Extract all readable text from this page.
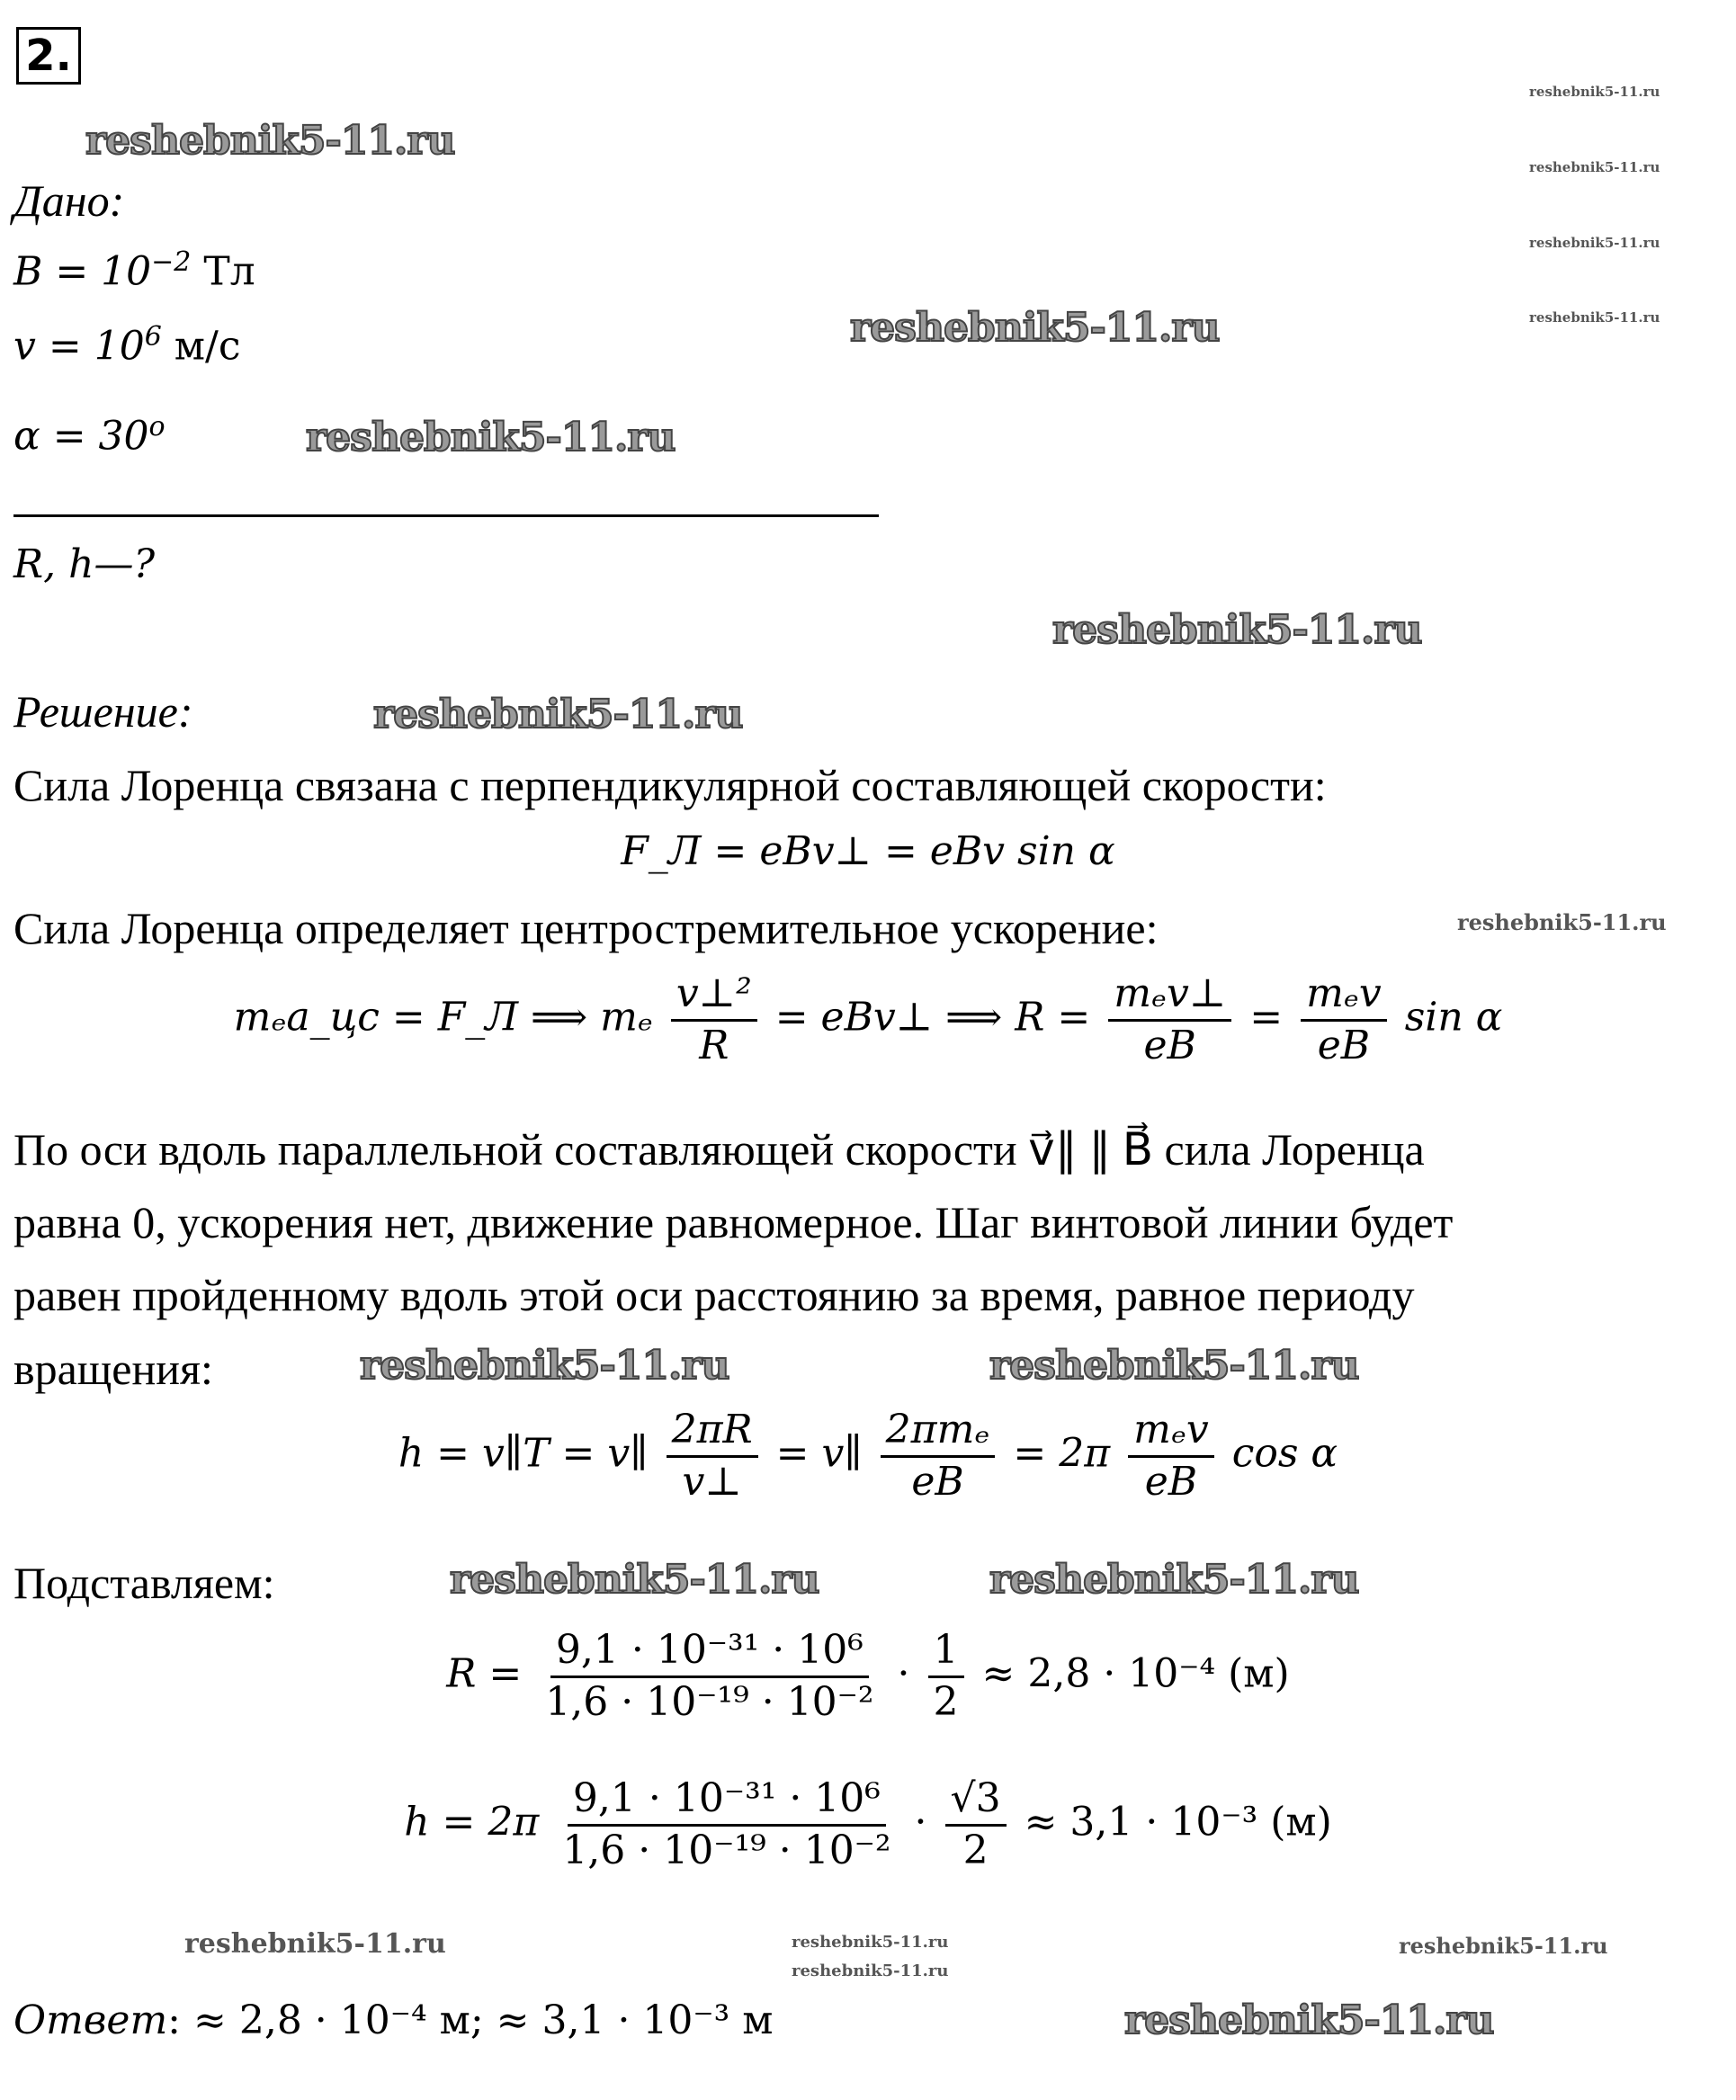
2.
Дано:
$B = 10^{-2}$ Тл
$v = 10^6$ м/с
$\alpha = 30^o$
R, h—?
Решение:
Сила Лоренца связана с перпендикулярной составляющей скорости:
F_Л = eBv⊥ = eBv sin α
Сила Лоренца определяет центростремительное ускорение:
mₑa_цс = F_Л ⟹ mₑ $\frac{\text{v⊥²}}{R}$ = eBv⊥ ⟹ $R = \frac{\text{mₑv⊥}}{eB} = \frac{\text{mₑv}}{eB}$ sin α
По оси вдоль параллельной составляющей скорости v⃗∥ ∥ B⃗ сила Лоренца
равна 0, ускорения нет, движение равномерное. Шаг винтовой линии будет
равен пройденному вдоль этой оси расстоянию за время, равное периоду
вращения:
h = v∥T = v∥ $\frac{2\pi R}{v\perp}$ = v∥ $\frac{\text{2πmₑ}}{eB} = 2\pi \frac{\text{mₑv}}{eB}$ cos α
Подставляем:
$R = \frac{\text{9,1 · 10⁻³¹ · 10⁶}}{\text{1,6 · 10⁻¹⁹ · 10⁻²}} \cdot \frac{1}{2} \approx 2,8 \cdot 10^{-4}$ (м)
$h = 2\pi \frac{\text{9,1 · 10⁻³¹ · 10⁶}}{\text{1,6 · 10⁻¹⁹ · 10⁻²}} \cdot \frac{√3}{2} \approx 3,1 \cdot 10^{-3}$ (м)
Ответ: ≈ 2,8 · 10⁻⁴ м; ≈ 3,1 · 10⁻³ м
reshebnik5-11.ru
reshebnik5-11.ru
reshebnik5-11.ru
reshebnik5-11.ru
reshebnik5-11.ru
reshebnik5-11.ru	reshebnik5-11.ru
reshebnik5-11.ru	reshebnik5-11.ru
reshebnik5-11.ru
reshebnik5-11.ru
reshebnik5-11.ru
reshebnik5-11.ru
reshebnik5-11.ru
reshebnik5-11.ru
reshebnik5-11.ru
reshebnik5-11.ru	reshebnik5-11.ru
reshebnik5-11.ru
